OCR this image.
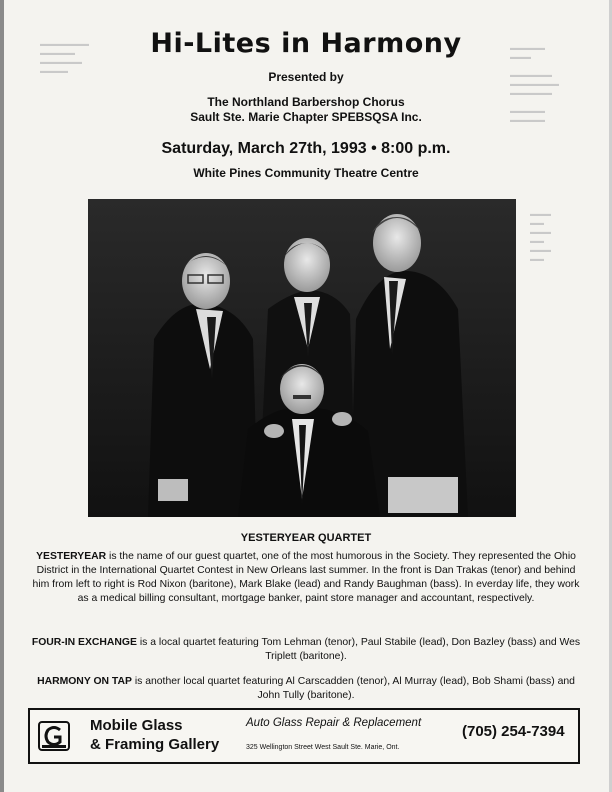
▬▬▬▬▬
▬▬▬

▬▬▬▬▬▬
▬▬▬▬▬▬▬
▬▬▬▬▬▬

▬▬▬▬▬
▬▬▬▬▬
▬▬▬
▬▬
▬▬▬
▬▬
▬▬▬
▬▬
▬▬▬▬▬▬▬
▬▬▬▬▬
▬▬▬▬▬▬
▬▬▬▬
Hi-Lites in Harmony
Presented by
The Northland Barbershop Chorus
Sault Ste. Marie Chapter SPEBSQSA Inc.
Saturday, March 27th, 1993 • 8:00 p.m.
White Pines Community Theatre Centre
YESTERYEAR QUARTET
YESTERYEAR is the name of our guest quartet, one of the most humorous in the Society. They represented the Ohio District in the International Quartet Contest in New Orleans last summer. In the front is Dan Trakas (tenor) and behind him from left to right is Rod Nixon (baritone), Mark Blake (lead) and Randy Baughman (bass). In everday life, they work as a medical billing consultant, mortgage banker, paint store manager and accountant, respectively.
FOUR-IN EXCHANGE is a local quartet featuring Tom Lehman (tenor), Paul Stabile (lead), Don Bazley (bass) and Wes Triplett (baritone).
HARMONY ON TAP is another local quartet featuring Al Carscadden (tenor), Al Murray (lead), Bob Shami (bass) and John Tully (baritone).
Mobile Glass
& Framing Gallery
Auto Glass Repair & Replacement
325 Wellington Street West Sault Ste. Marie, Ont.
(705) 254-7394
